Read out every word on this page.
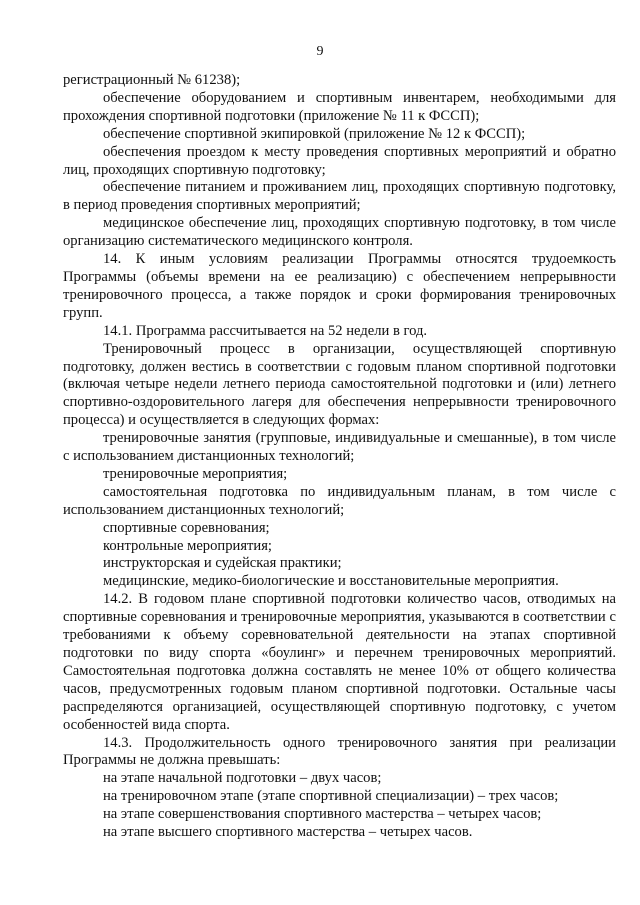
9

регистрационный № 61238);

обеспечение оборудованием и спортивным инвентарем, необходимыми для прохождения спортивной подготовки (приложение № 11 к ФССП);

обеспечение спортивной экипировкой (приложение № 12 к ФССП);

обеспечения проездом к месту проведения спортивных мероприятий и обратно лиц, проходящих спортивную подготовку;

обеспечение питанием и проживанием лиц, проходящих спортивную подготовку, в период проведения спортивных мероприятий;

медицинское обеспечение лиц, проходящих спортивную подготовку, в том числе организацию систематического медицинского контроля.

14. К иным условиям реализации Программы относятся трудоемкость Программы (объемы времени на ее реализацию) с обеспечением непрерывности тренировочного процесса, а также порядок и сроки формирования тренировочных групп.

14.1. Программа рассчитывается на 52 недели в год.

Тренировочный процесс в организации, осуществляющей спортивную подготовку, должен вестись в соответствии с годовым планом спортивной подготовки (включая четыре недели летнего периода самостоятельной подготовки и (или) летнего спортивно-оздоровительного лагеря для обеспечения непрерывности тренировочного процесса) и осуществляется в следующих формах:

тренировочные занятия (групповые, индивидуальные и смешанные), в том числе с использованием дистанционных технологий;

тренировочные мероприятия;

самостоятельная подготовка по индивидуальным планам, в том числе с использованием дистанционных технологий;

спортивные соревнования;

контрольные мероприятия;

инструкторская и судейская практики;

медицинские, медико-биологические и восстановительные мероприятия.

14.2. В годовом плане спортивной подготовки количество часов, отводимых на спортивные соревнования и тренировочные мероприятия, указываются в соответствии с требованиями к объему соревновательной деятельности на этапах спортивной подготовки по виду спорта «боулинг» и перечнем тренировочных мероприятий. Самостоятельная подготовка должна составлять не менее 10% от общего количества часов, предусмотренных годовым планом спортивной подготовки. Остальные часы распределяются организацией, осуществляющей спортивную подготовку, с учетом особенностей вида спорта.

14.3. Продолжительность одного тренировочного занятия при реализации Программы не должна превышать:

на этапе начальной подготовки – двух часов;

на тренировочном этапе (этапе спортивной специализации) – трех часов;

на этапе совершенствования спортивного мастерства – четырех часов;

на этапе высшего спортивного мастерства – четырех часов.
